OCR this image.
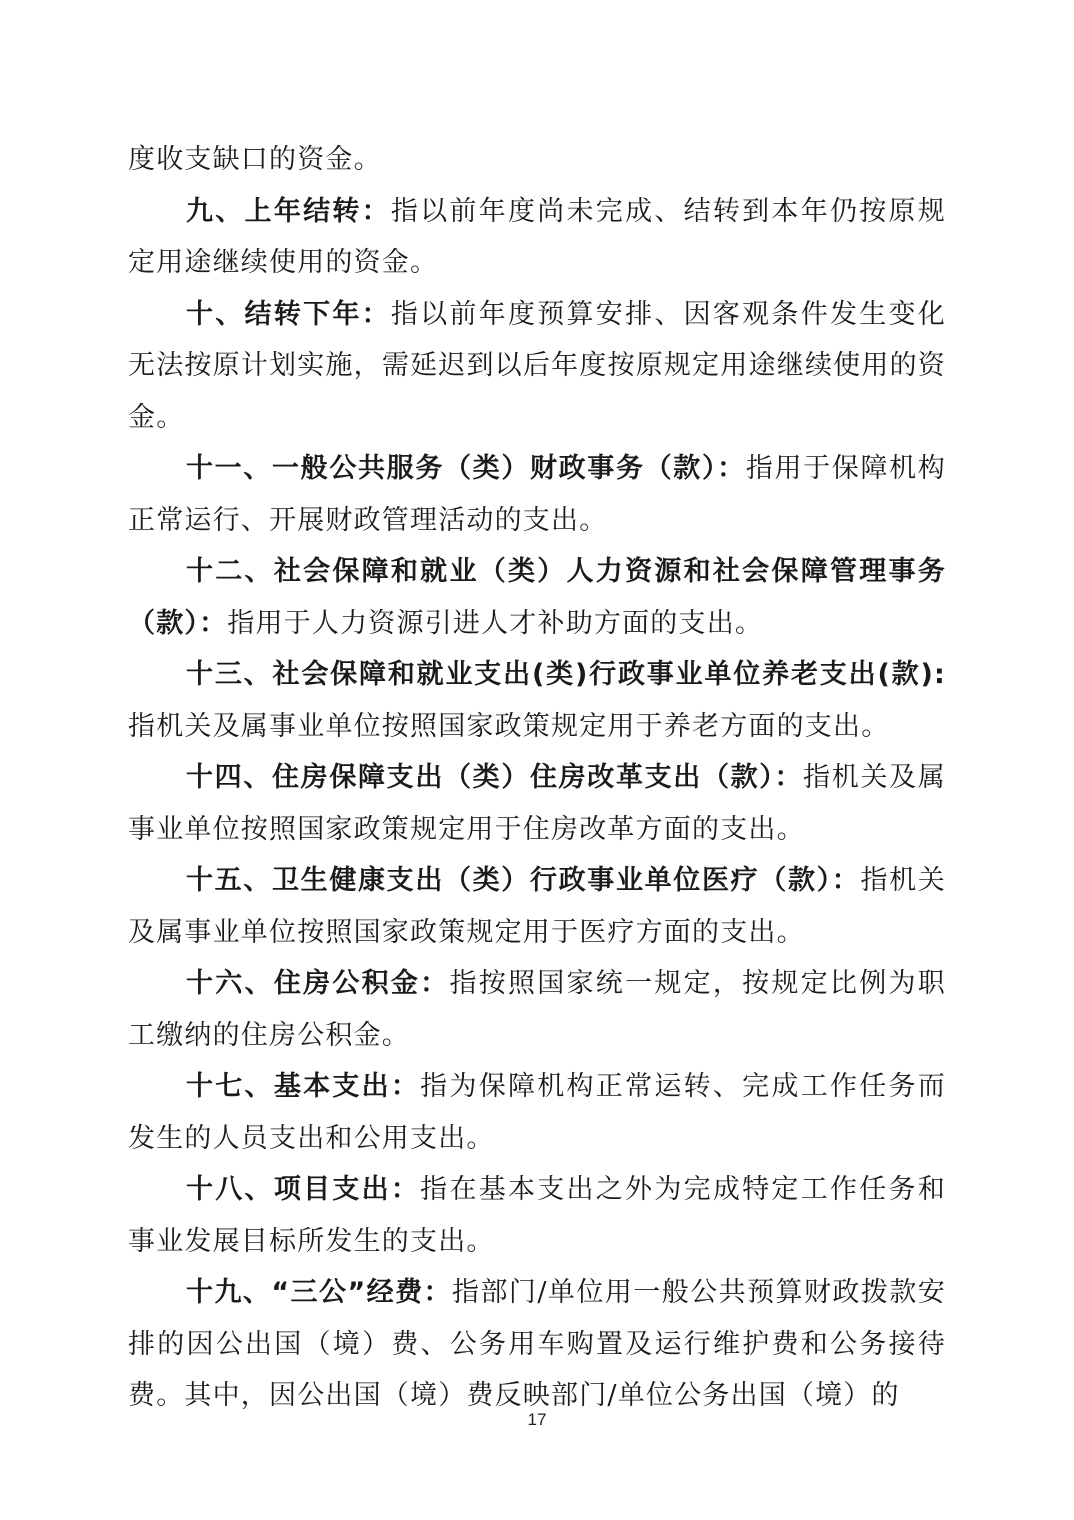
度收支缺口的资金。

九、上年结转：指以前年度尚未完成、结转到本年仍按原规定用途继续使用的资金。

十、结转下年：指以前年度预算安排、因客观条件发生变化无法按原计划实施，需延迟到以后年度按原规定用途继续使用的资金。

十一、一般公共服务（类）财政事务（款）：指用于保障机构正常运行、开展财政管理活动的支出。

十二、社会保障和就业（类）人力资源和社会保障管理事务（款）：指用于人力资源引进人才补助方面的支出。

十三、社会保障和就业支出(类)行政事业单位养老支出(款):指机关及属事业单位按照国家政策规定用于养老方面的支出。

十四、住房保障支出（类）住房改革支出（款）：指机关及属事业单位按照国家政策规定用于住房改革方面的支出。

十五、卫生健康支出（类）行政事业单位医疗（款）：指机关及属事业单位按照国家政策规定用于医疗方面的支出。

十六、住房公积金：指按照国家统一规定，按规定比例为职工缴纳的住房公积金。

十七、基本支出：指为保障机构正常运转、完成工作任务而发生的人员支出和公用支出。

十八、项目支出：指在基本支出之外为完成特定工作任务和事业发展目标所发生的支出。

十九、“三公”经费：指部门/单位用一般公共预算财政拨款安排的因公出国（境）费、公务用车购置及运行维护费和公务接待费。其中，因公出国（境）费反映部门/单位公务出国（境）的

17
